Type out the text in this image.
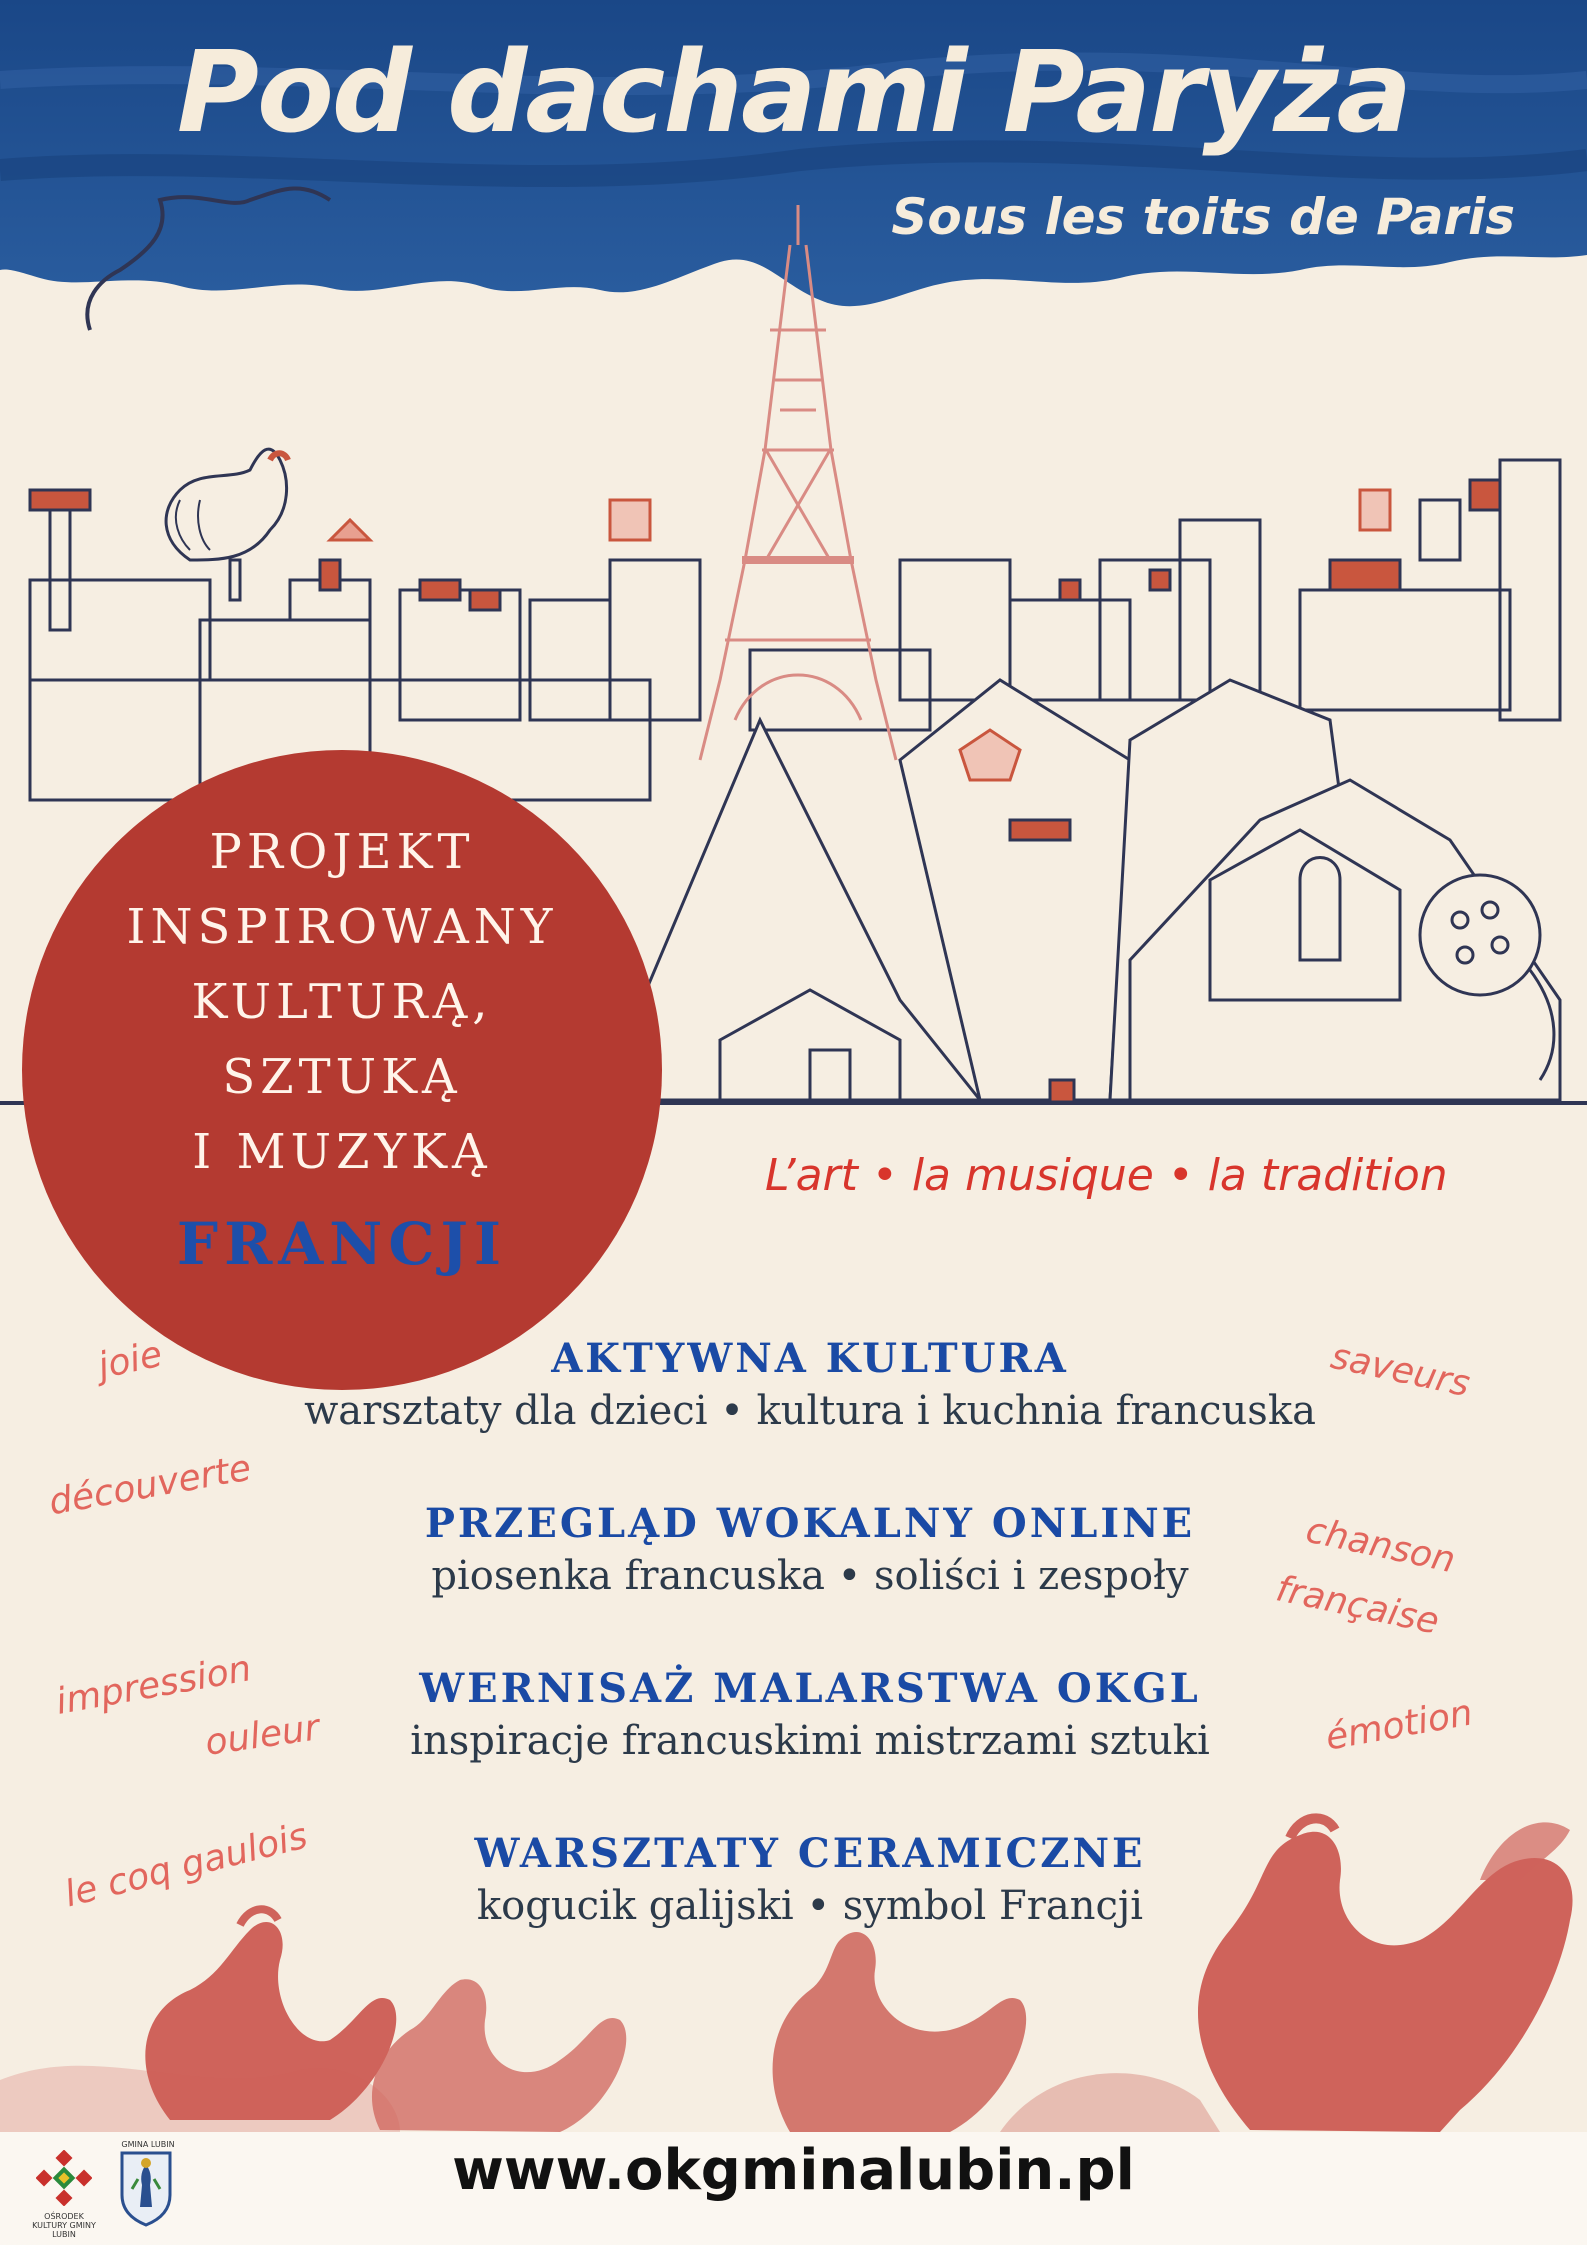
Pod dachami Paryża
Sous les toits de Paris
PROJEKT
INSPIROWANY
KULTURĄ,
SZTUKĄ
I MUZYKĄ
FRANCJI
L’art • la musique • la tradition
joie	saveurs
découverte
chanson
française
impression
ouleur	émotion
le coq gaulois
AKTYWNA KULTURA
warsztaty dla dzieci • kultura i kuchnia francuska
PRZEGLĄD WOKALNY ONLINE
piosenka francuska • soliści i zespoły
WERNISAŻ MALARSTWA OKGL
inspiracje francuskimi mistrzami sztuki
WARSZTATY CERAMICZNE
kogucik galijski • symbol Francji
www.okgminalubin.pl
OŚRODEK KULTURY GMINY LUBIN
GMINA LUBIN
